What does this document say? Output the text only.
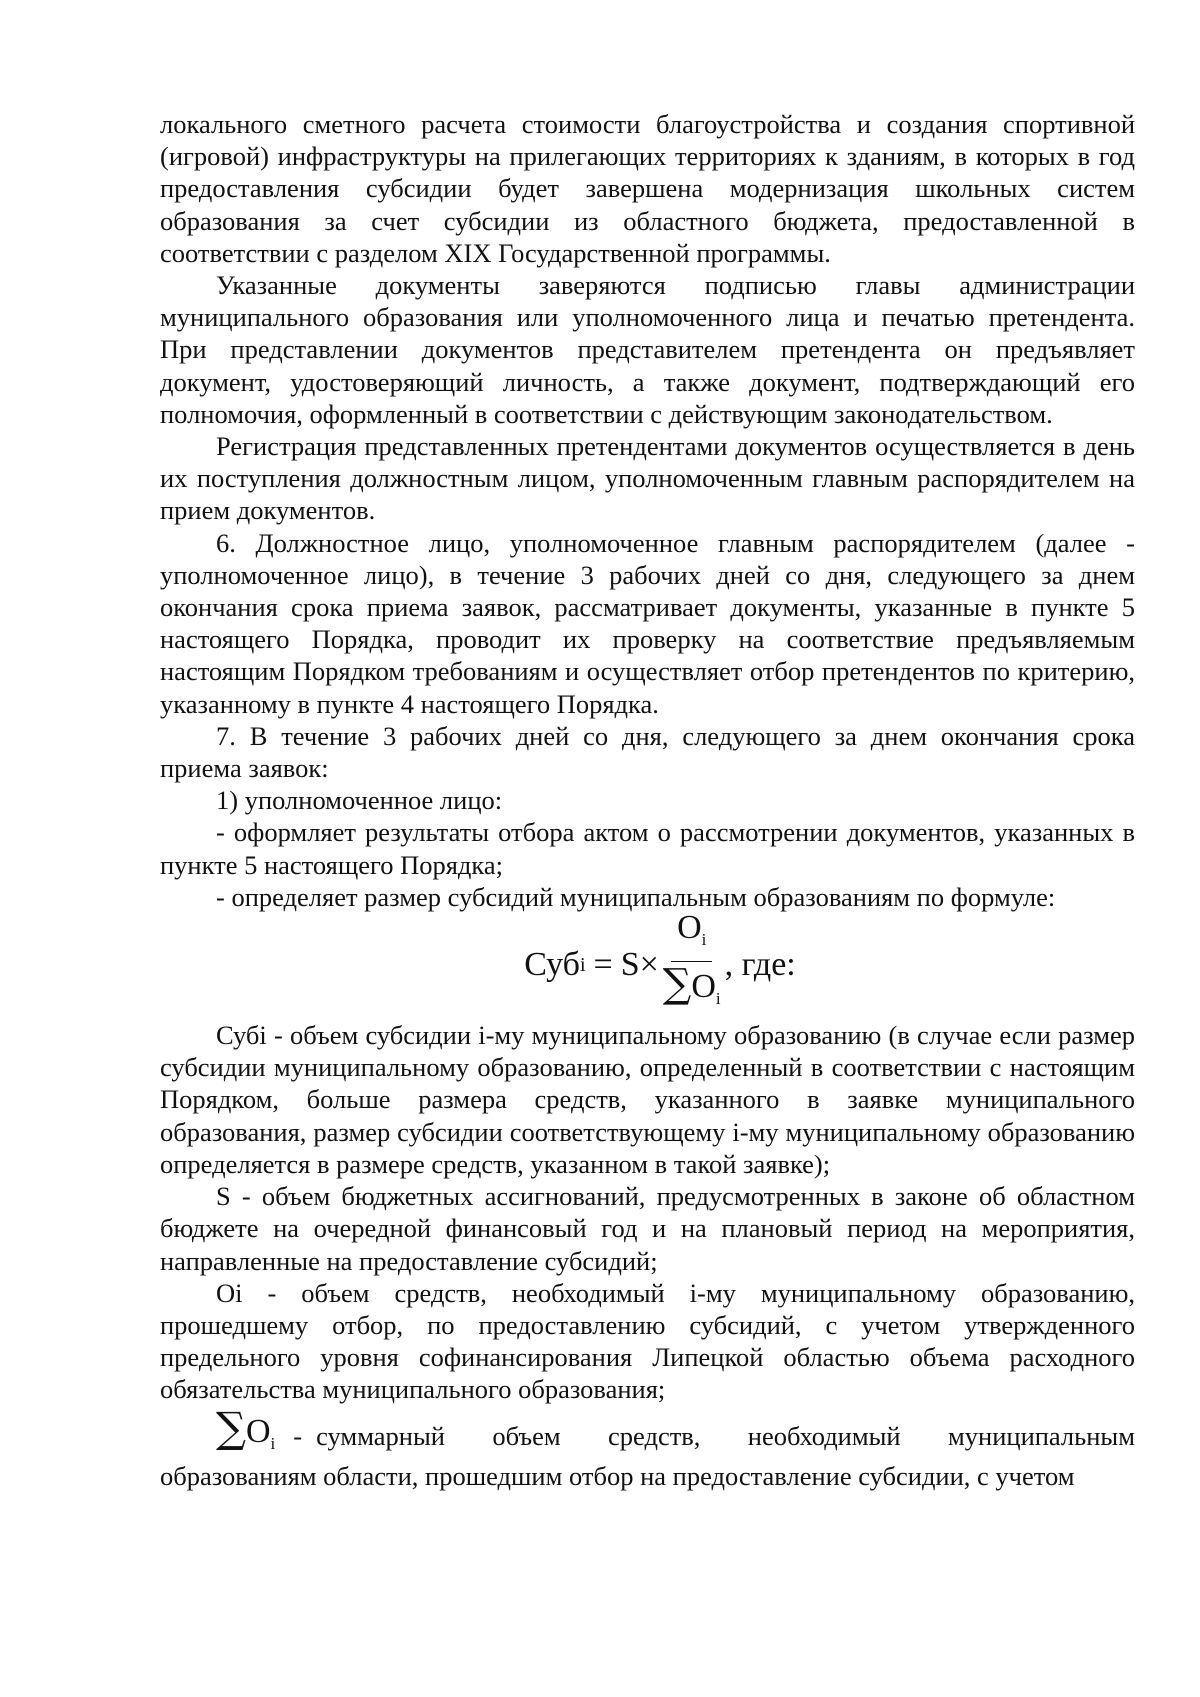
локального сметного расчета стоимости благоустройства и создания спортивной (игровой) инфраструктуры на прилегающих территориях к зданиям, в которых в год предоставления субсидии будет завершена модернизация школьных систем образования за счет субсидии из областного бюджета, предоставленной в соответствии с разделом XIX Государственной программы.

Указанные документы заверяются подписью главы администрации муниципального образования или уполномоченного лица и печатью претендента. При представлении документов представителем претендента он предъявляет документ, удостоверяющий личность, а также документ, подтверждающий его полномочия, оформленный в соответствии с действующим законодательством.

Регистрация представленных претендентами документов осуществляется в день их поступления должностным лицом, уполномоченным главным распорядителем на прием документов.

6. Должностное лицо, уполномоченное главным распорядителем (далее - уполномоченное лицо), в течение 3 рабочих дней со дня, следующего за днем окончания срока приема заявок, рассматривает документы, указанные в пункте 5 настоящего Порядка, проводит их проверку на соответствие предъявляемым настоящим Порядком требованиям и осуществляет отбор претендентов по критерию, указанному в пункте 4 настоящего Порядка.

7. В течение 3 рабочих дней со дня, следующего за днем окончания срока приема заявок:

1) уполномоченное лицо:

- оформляет результаты отбора актом о рассмотрении документов, указанных в пункте 5 настоящего Порядка;

- определяет размер субсидий муниципальным образованиям по формуле:

Суб $i = S \times \frac{O_i}{\sum O_i}$ , где:

Субi - объем субсидии i-му муниципальному образованию (в случае если размер субсидии муниципальному образованию, определенный в соответствии с настоящим Порядком, больше размера средств, указанного в заявке муниципального образования, размер субсидии соответствующему i-му муниципальному образованию определяется в размере средств, указанном в такой заявке);

S - объем бюджетных ассигнований, предусмотренных в законе об областном бюджете на очередной финансовый год и на плановый период на мероприятия, направленные на предоставление субсидий;

Oi - объем средств, необходимый i-му муниципальному образованию, прошедшему отбор, по предоставлению субсидий, с учетом утвержденного предельного уровня софинансирования Липецкой областью объема расходного обязательства муниципального образования;

$\sum O_i$ - суммарный объем средств, необходимый муниципальным

образованиям области, прошедшим отбор на предоставление субсидии, с учетом
